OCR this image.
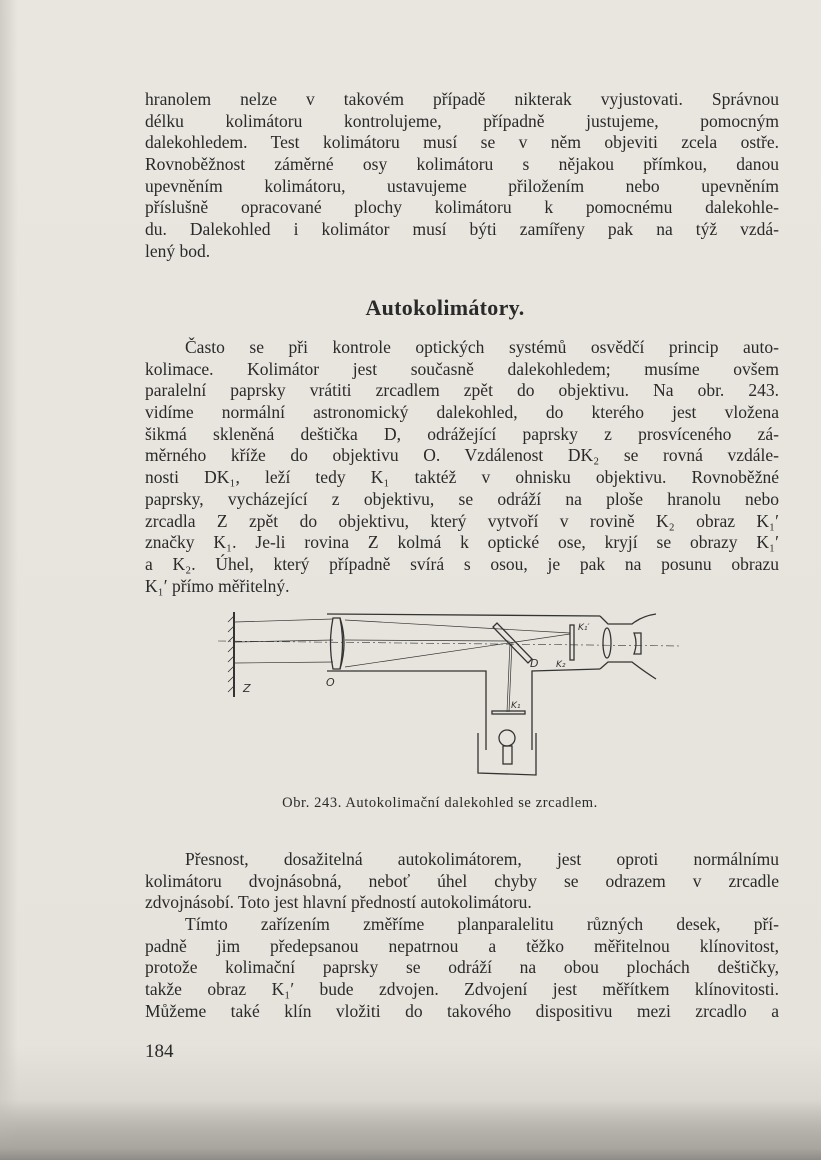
hranolem nelze v takovém případě nikterak vyjustovati. Správnou
délku kolimátoru kontrolujeme, případně justujeme, pomocným
dalekohledem. Test kolimátoru musí se v něm objeviti zcela ostře.
Rovnoběžnost záměrné osy kolimátoru s nějakou přímkou, danou
upevněním kolimátoru, ustavujeme přiložením nebo upevněním
příslušně opracované plochy kolimátoru k pomocnému dalekohle-
du. Dalekohled i kolimátor musí býti zamířeny pak na týž vzdá-
lený bod.
Autokolimátory.
Často se při kontrole optických systémů osvědčí princip auto-
kolimace. Kolimátor jest současně dalekohledem; musíme ovšem
paralelní paprsky vrátiti zrcadlem zpět do objektivu. Na obr. 243.
vidíme normální astronomický dalekohled, do kterého jest vložena
šikmá skleněná deštička D, odrážející paprsky z prosvíceného zá-
měrného kříže do objektivu O. Vzdálenost DK₂ se rovná vzdále-
nosti DK₁, leží tedy K₁ taktéž v ohnisku objektivu. Rovnoběžné
paprsky, vycházející z objektivu, se odráží na ploše hranolu nebo
zrcadla Z zpět do objektivu, který vytvoří v rovině K₂ obraz K₁′
značky K₁. Je-li rovina Z kolmá k optické ose, kryjí se obrazy K₁′
a K₂. Úhel, který případně svírá s osou, je pak na posunu obrazu
K₁′ přímo měřitelný.
Z	O
D
K₁′
K₂
K₁
Obr. 243. Autokolimační dalekohled se zrcadlem.
Přesnost, dosažitelná autokolimátorem, jest oproti normálnímu
kolimátoru dvojnásobná, neboť úhel chyby se odrazem v zrcadle
zdvojnásobí. Toto jest hlavní předností autokolimátoru.
Tímto zařízením změříme planparalelitu různých desek, pří-
padně jim předepsanou nepatrnou a těžko měřitelnou klínovitost,
protože kolimační paprsky se odráží na obou plochách deštičky,
takže obraz K₁′ bude zdvojen. Zdvojení jest měřítkem klínovitosti.
Můžeme také klín vložiti do takového dispositivu mezi zrcadlo a
184
